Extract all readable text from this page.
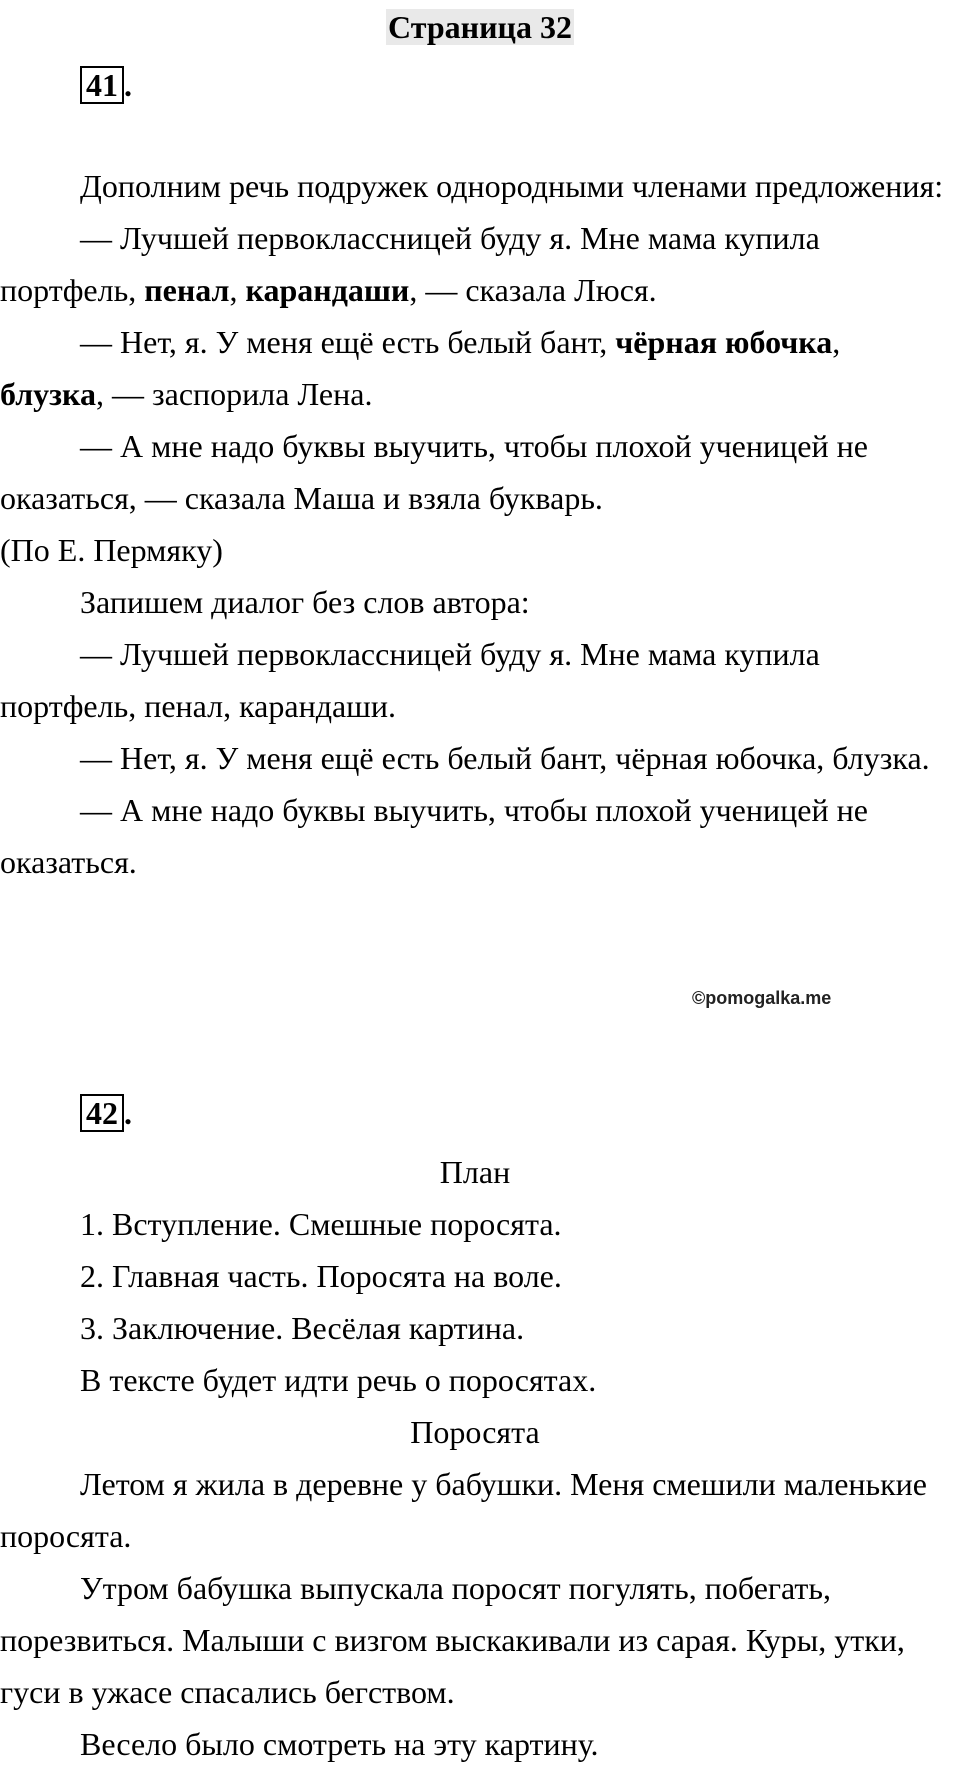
Страница 32
41 .

Дополним речь подружек однородными членами предложения:

— Лучшей первоклассницей буду я. Мне мама купила портфель, пенал, карандаши, — сказала Люся.

— Нет, я. У меня ещё есть белый бант, чёрная юбочка, блузка, — заспорила Лена.

— А мне надо буквы выучить, чтобы плохой ученицей не оказаться, — сказала Маша и взяла букварь.

(По Е. Пермяку)

Запишем диалог без слов автора:

— Лучшей первоклассницей буду я. Мне мама купила портфель, пенал, карандаши.

— Нет, я. У меня ещё есть белый бант, чёрная юбочка, блузка.

— А мне надо буквы выучить, чтобы плохой ученицей не оказаться.

©pomogalka.me
42 .

План

1. Вступление. Смешные поросята.

2. Главная часть. Поросята на воле.

3. Заключение. Весёлая картина.

В тексте будет идти речь о поросятах.

Поросята

Летом я жила в деревне у бабушки. Меня смешили маленькие поросята.

Утром бабушка выпускала поросят погулять, побегать, порезвиться. Малыши с визгом выскакивали из сарая. Куры, утки, гуси в ужасе спасались бегством.

Весело было смотреть на эту картину.
